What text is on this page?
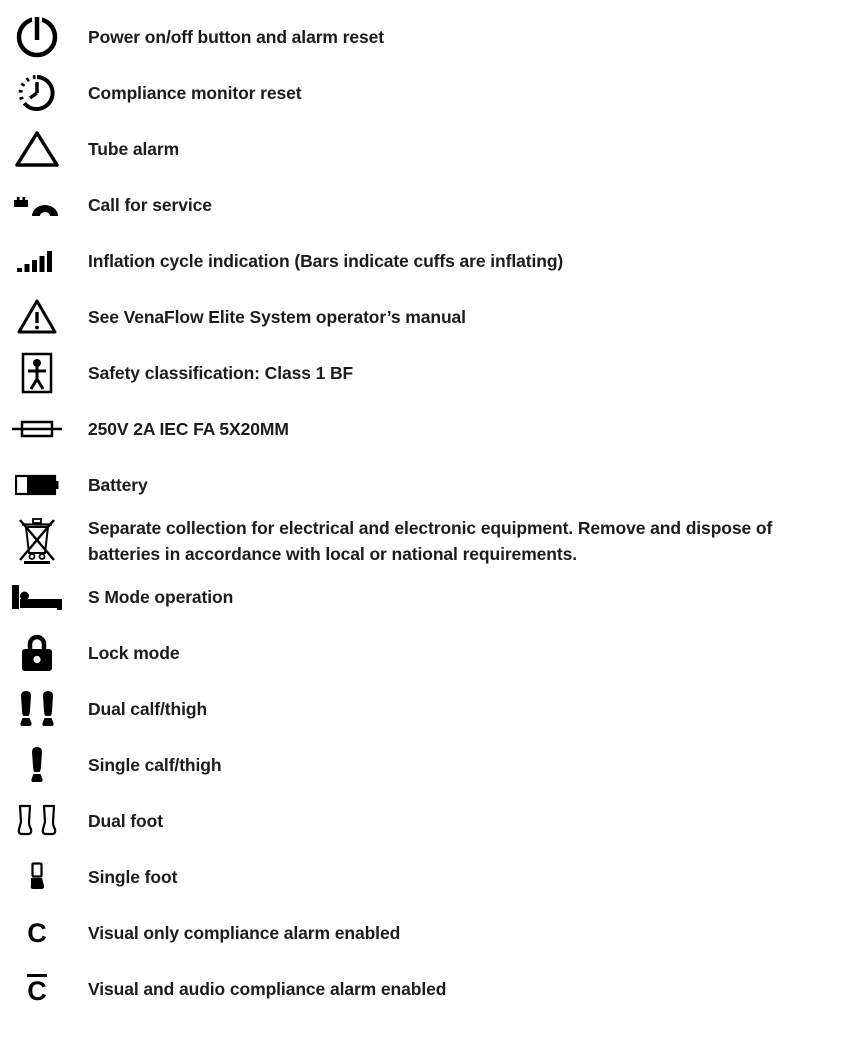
Power on/off button and alarm reset
Compliance monitor reset
Tube alarm
Call for service
Inflation cycle indication (Bars indicate cuffs are inflating)
See VenaFlow Elite System operator’s manual
Safety classification: Class 1 BF
250V 2A IEC FA 5X20MM
Battery
Separate collection for electrical and electronic equipment. Remove and dispose of batteries in accordance with local or national requirements.
S Mode operation
Lock mode
Dual calf/thigh
Single calf/thigh
Dual foot
Single foot
C Visual only compliance alarm enabled
C Visual and audio compliance alarm enabled
